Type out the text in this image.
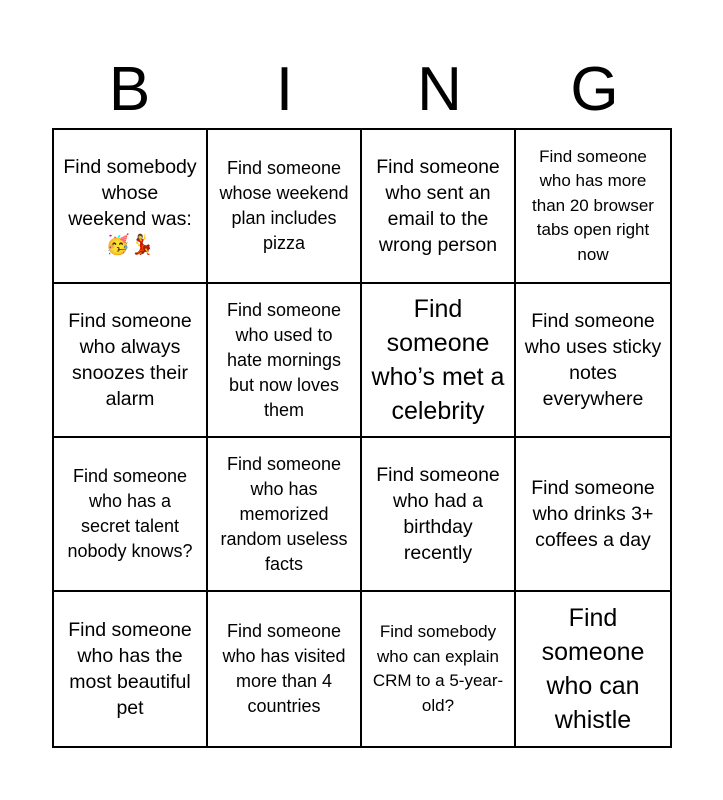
B	I	N	G
Find somebody whose weekend was: 🥳💃
Find someone whose weekend plan includes pizza
Find someone who sent an email to the wrong person
Find someone who has more than 20 browser tabs open right now
Find someone who always snoozes their alarm
Find someone who used to hate mornings but now loves them
Find someone who’s met a celebrity
Find someone who uses sticky notes everywhere
Find someone who has a secret talent nobody knows?
Find someone who has memorized random useless facts
Find someone who had a birthday recently
Find someone who drinks 3+ coffees a day
Find someone who has the most beautiful pet
Find someone who has visited more than 4 countries
Find somebody who can explain CRM to a 5-year-old?
Find someone who can whistle
